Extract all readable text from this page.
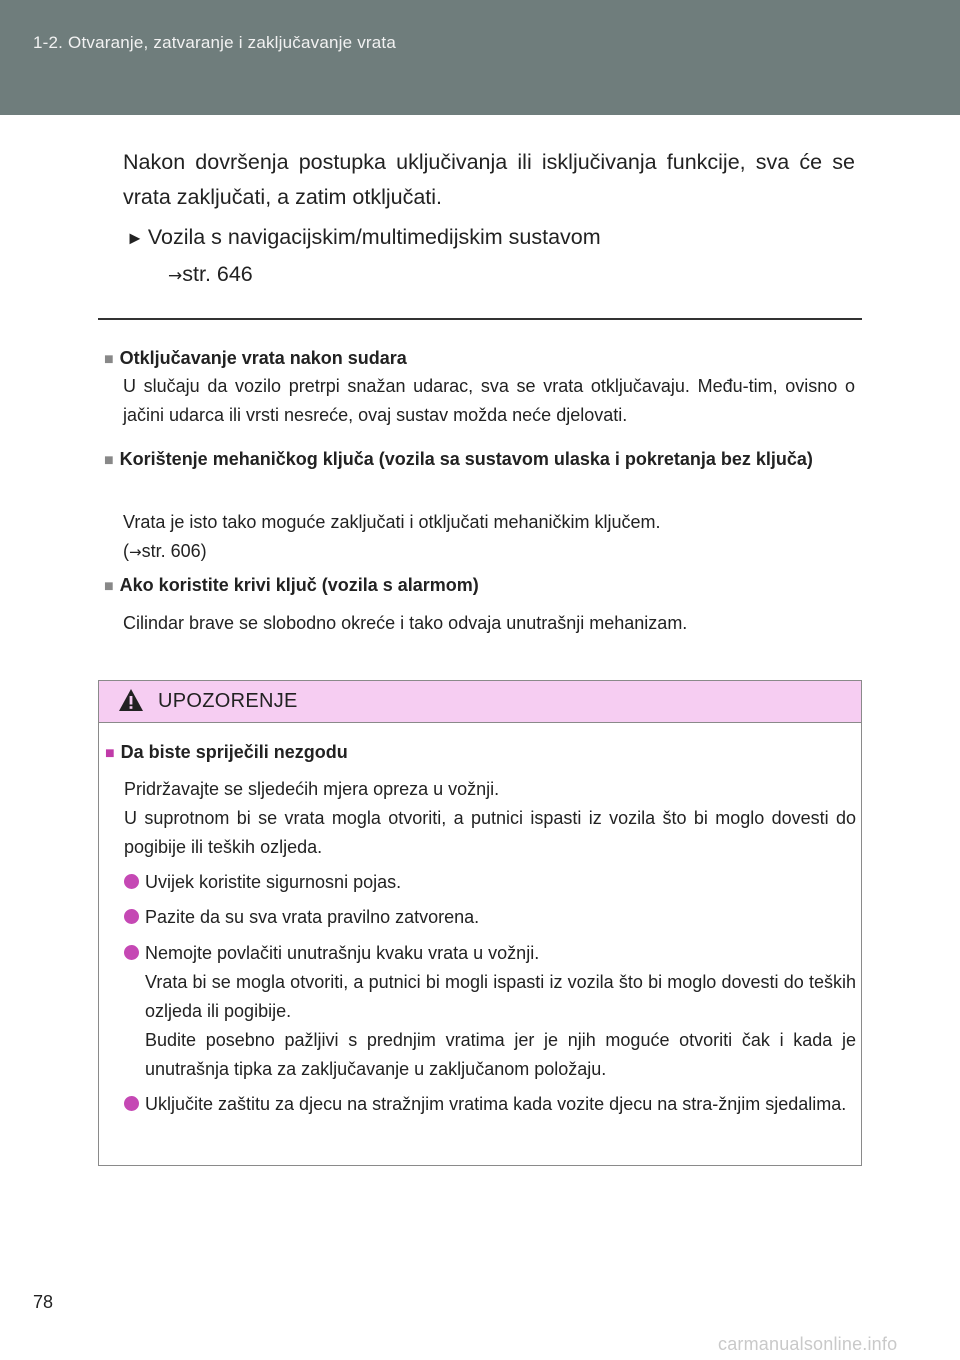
1-2. Otvaranje, zatvaranje i zaključavanje vrata
Nakon dovršenja postupka uključivanja ili isključivanja funkcije, sva će se vrata zaključati, a zatim otključati.
► Vozila s navigacijskim/multimedijskim sustavom
→str. 646
■ Otključavanje vrata nakon sudara
U slučaju da vozilo pretrpi snažan udarac, sva se vrata otključavaju. Među-tim, ovisno o jačini udarca ili vrsti nesreće, ovaj sustav možda neće djelovati.
■ Korištenje mehaničkog ključa (vozila sa sustavom ulaska i pokretanja bez ključa)
Vrata je isto tako moguće zaključati i otključati mehaničkim ključem.
(→str. 606)
■ Ako koristite krivi ključ (vozila s alarmom)
Cilindar brave se slobodno okreće i tako odvaja unutrašnji mehanizam.
UPOZORENJE
■ Da biste spriječili nezgodu
Pridržavajte se sljedećih mjera opreza u vožnji.
U suprotnom bi se vrata mogla otvoriti, a putnici ispasti iz vozila što bi moglo dovesti do pogibije ili teških ozljeda.
Uvijek koristite sigurnosni pojas.
Pazite da su sva vrata pravilno zatvorena.
Nemojte povlačiti unutrašnju kvaku vrata u vožnji.
Vrata bi se mogla otvoriti, a putnici bi mogli ispasti iz vozila što bi moglo dovesti do teških ozljeda ili pogibije.
Budite posebno pažljivi s prednjim vratima jer je njih moguće otvoriti čak i kada je unutrašnja tipka za zaključavanje u zaključanom položaju.
Uključite zaštitu za djecu na stražnjim vratima kada vozite djecu na stra-žnjim sjedalima.
78
carmanualsonline.info
